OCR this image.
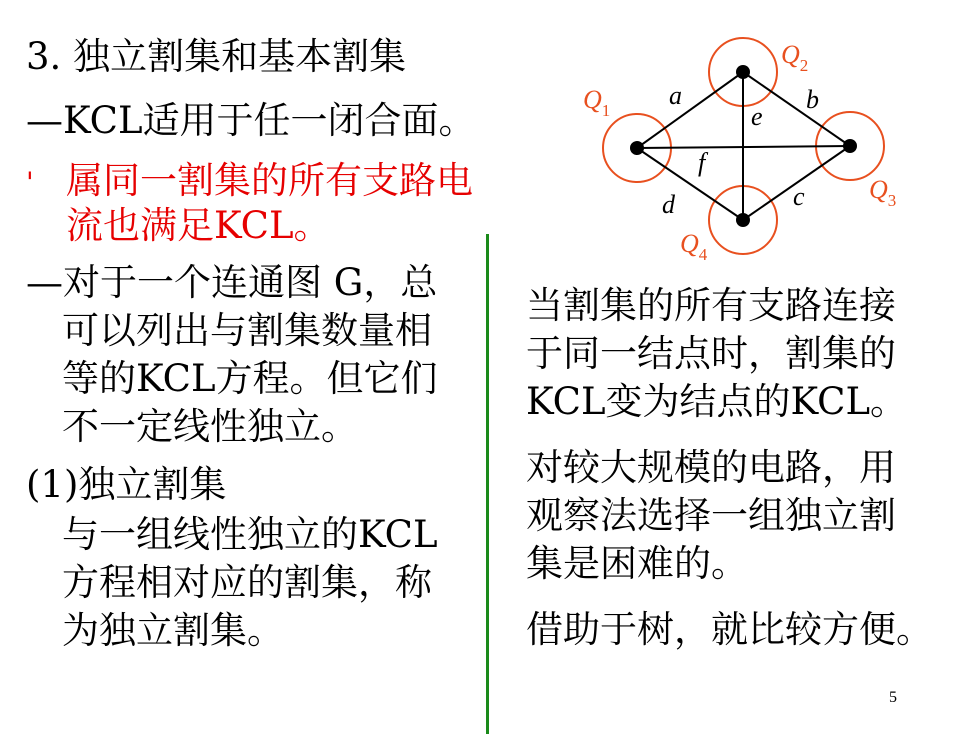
3. 独立割集和基本割集
—KCL适用于任一闭合面。
' 属同一割集的所有支路电
流也满足KCL。
—对于一个连通图 G，总
可以列出与割集数量相
等的KCL方程。但它们
不一定线性独立。
(1)独立割集
与一组线性独立的KCL
方程相对应的割集，称
为独立割集。
a	b
e
f
c
d
$Q_1$
$Q_2$
$Q_3$
$Q_4$
当割集的所有支路连接
于同一结点时，割集的
KCL变为结点的KCL。
对较大规模的电路，用
观察法选择一组独立割
集是困难的。
借助于树，就比较方便。
5
